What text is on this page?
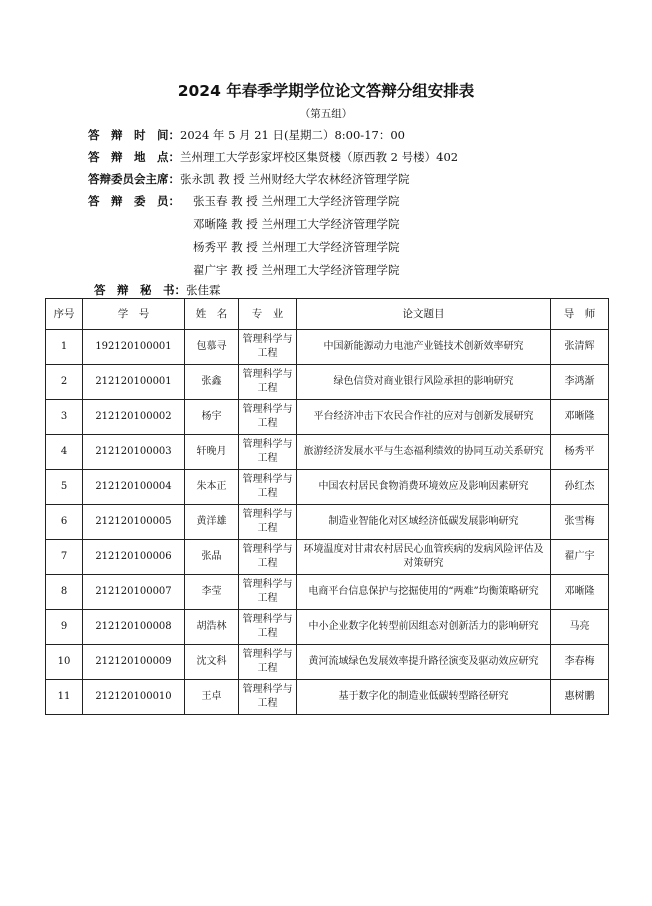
2024 年春季学期学位论文答辩分组安排表
（第五组）
答　辩　时　间：2024 年 5 月 21 日(星期二）8:00-17：00
答　辩　地　点：兰州理工大学彭家坪校区集贤楼（原西教 2 号楼）402
答辩委员会主席：张永凯 教 授 兰州财经大学农林经济管理学院
答　辩　委　员： 张玉春 教 授 兰州理工大学经济管理学院
邓晰隆 教 授 兰州理工大学经济管理学院
杨秀平 教 授 兰州理工大学经济管理学院
翟广宇 教 授 兰州理工大学经济管理学院
答　辩　秘　书：张佳霖
序号	学　号	姓　名	专　业	论文题目	导　师
1	192120100001	包慕寻	管理科学与工程	中国新能源动力电池产业链技术创新效率研究	张清辉
2	212120100001	张鑫	管理科学与工程	绿色信贷对商业银行风险承担的影响研究	李鸿渐
3	212120100002	杨宇	管理科学与工程	平台经济冲击下农民合作社的应对与创新发展研究	邓晰隆
4	212120100003	轩晚月	管理科学与工程	旅游经济发展水平与生态福利绩效的协同互动关系研究	杨秀平
5	212120100004	朱本正	管理科学与工程	中国农村居民食物消费环境效应及影响因素研究	孙红杰
6	212120100005	黄洋雄	管理科学与工程	制造业智能化对区域经济低碳发展影响研究	张雪梅
7	212120100006	张晶	管理科学与工程	环境温度对甘肃农村居民心血管疾病的发病风险评估及对策研究	翟广宇
8	212120100007	李莹	管理科学与工程	电商平台信息保护与挖掘使用的“两难”均衡策略研究	邓晰隆
9	212120100008	胡浩林	管理科学与工程	中小企业数字化转型前因组态对创新活力的影响研究	马亮
10	212120100009	沈文科	管理科学与工程	黄河流域绿色发展效率提升路径演变及驱动效应研究	李春梅
11	212120100010	王卓	管理科学与工程	基于数字化的制造业低碳转型路径研究	惠树鹏
